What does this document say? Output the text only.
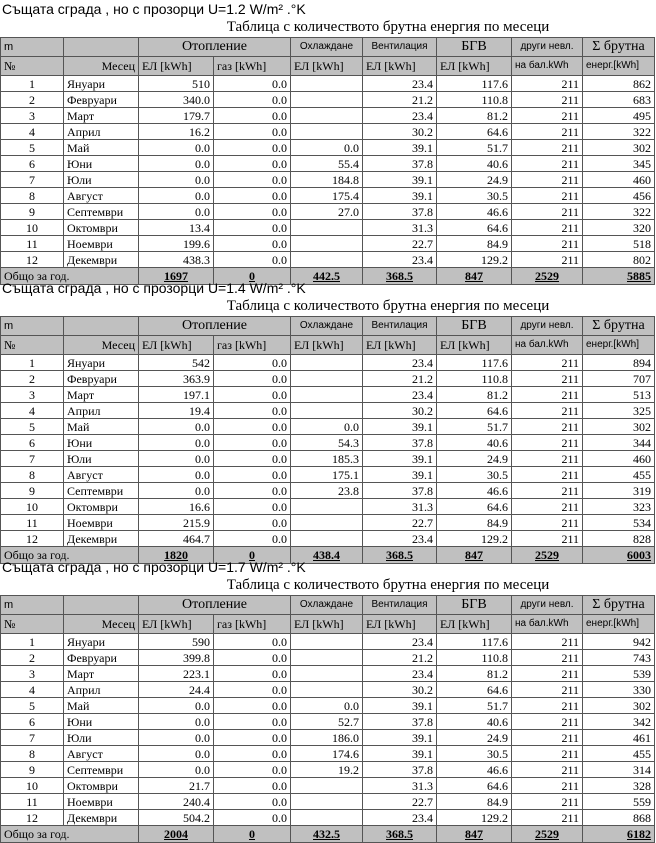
Същата сграда , но с прозорци U=1.2 W/m² .°K
Таблица с количеството брутна енергия по месеци
m		Отопление		Охлаждане	Вентилация	БГВ	други невл.	Σ брутна
№	Месец	ЕЛ [kWh]	газ [kWh]	ЕЛ [kWh]	ЕЛ [kWh]	ЕЛ [kWh]	на бал.kWh	енерг.[kWh]
1	Януари	510	0.0		23.4	117.6	211	862
2	Февруари	340.0	0.0		21.2	110.8	211	683
3	Март	179.7	0.0		23.4	81.2	211	495
4	Април	16.2	0.0		30.2	64.6	211	322
5	Май	0.0	0.0	0.0	39.1	51.7	211	302
6	Юни	0.0	0.0	55.4	37.8	40.6	211	345
7	Юли	0.0	0.0	184.8	39.1	24.9	211	460
8	Август	0.0	0.0	175.4	39.1	30.5	211	456
9	Септември	0.0	0.0	27.0	37.8	46.6	211	322
10	Октомври	13.4	0.0		31.3	64.6	211	320
11	Ноември	199.6	0.0		22.7	84.9	211	518
12	Декември	438.3	0.0		23.4	129.2	211	802
Общо за год.		1697	0	442.5	368.5	847	2529	5885
Същата сграда , но с прозорци U=1.4 W/m² .°K
Таблица с количеството брутна енергия по месеци
m		Отопление		Охлаждане	Вентилация	БГВ	други невл.	Σ брутна
№	Месец	ЕЛ [kWh]	газ [kWh]	ЕЛ [kWh]	ЕЛ [kWh]	ЕЛ [kWh]	на бал.kWh	енерг.[kWh]
1	Януари	542	0.0		23.4	117.6	211	894
2	Февруари	363.9	0.0		21.2	110.8	211	707
3	Март	197.1	0.0		23.4	81.2	211	513
4	Април	19.4	0.0		30.2	64.6	211	325
5	Май	0.0	0.0	0.0	39.1	51.7	211	302
6	Юни	0.0	0.0	54.3	37.8	40.6	211	344
7	Юли	0.0	0.0	185.3	39.1	24.9	211	460
8	Август	0.0	0.0	175.1	39.1	30.5	211	455
9	Септември	0.0	0.0	23.8	37.8	46.6	211	319
10	Октомври	16.6	0.0		31.3	64.6	211	323
11	Ноември	215.9	0.0		22.7	84.9	211	534
12	Декември	464.7	0.0		23.4	129.2	211	828
Общо за год.		1820	0	438.4	368.5	847	2529	6003
Същата сграда , но с прозорци U=1.7 W/m² .°K
Таблица с количеството брутна енергия по месеци
m		Отопление		Охлаждане	Вентилация	БГВ	други невл.	Σ брутна
№	Месец	ЕЛ [kWh]	газ [kWh]	ЕЛ [kWh]	ЕЛ [kWh]	ЕЛ [kWh]	на бал.kWh	енерг.[kWh]
1	Януари	590	0.0		23.4	117.6	211	942
2	Февруари	399.8	0.0		21.2	110.8	211	743
3	Март	223.1	0.0		23.4	81.2	211	539
4	Април	24.4	0.0		30.2	64.6	211	330
5	Май	0.0	0.0	0.0	39.1	51.7	211	302
6	Юни	0.0	0.0	52.7	37.8	40.6	211	342
7	Юли	0.0	0.0	186.0	39.1	24.9	211	461
8	Август	0.0	0.0	174.6	39.1	30.5	211	455
9	Септември	0.0	0.0	19.2	37.8	46.6	211	314
10	Октомври	21.7	0.0		31.3	64.6	211	328
11	Ноември	240.4	0.0		22.7	84.9	211	559
12	Декември	504.2	0.0		23.4	129.2	211	868
Общо за год.		2004	0	432.5	368.5	847	2529	6182
